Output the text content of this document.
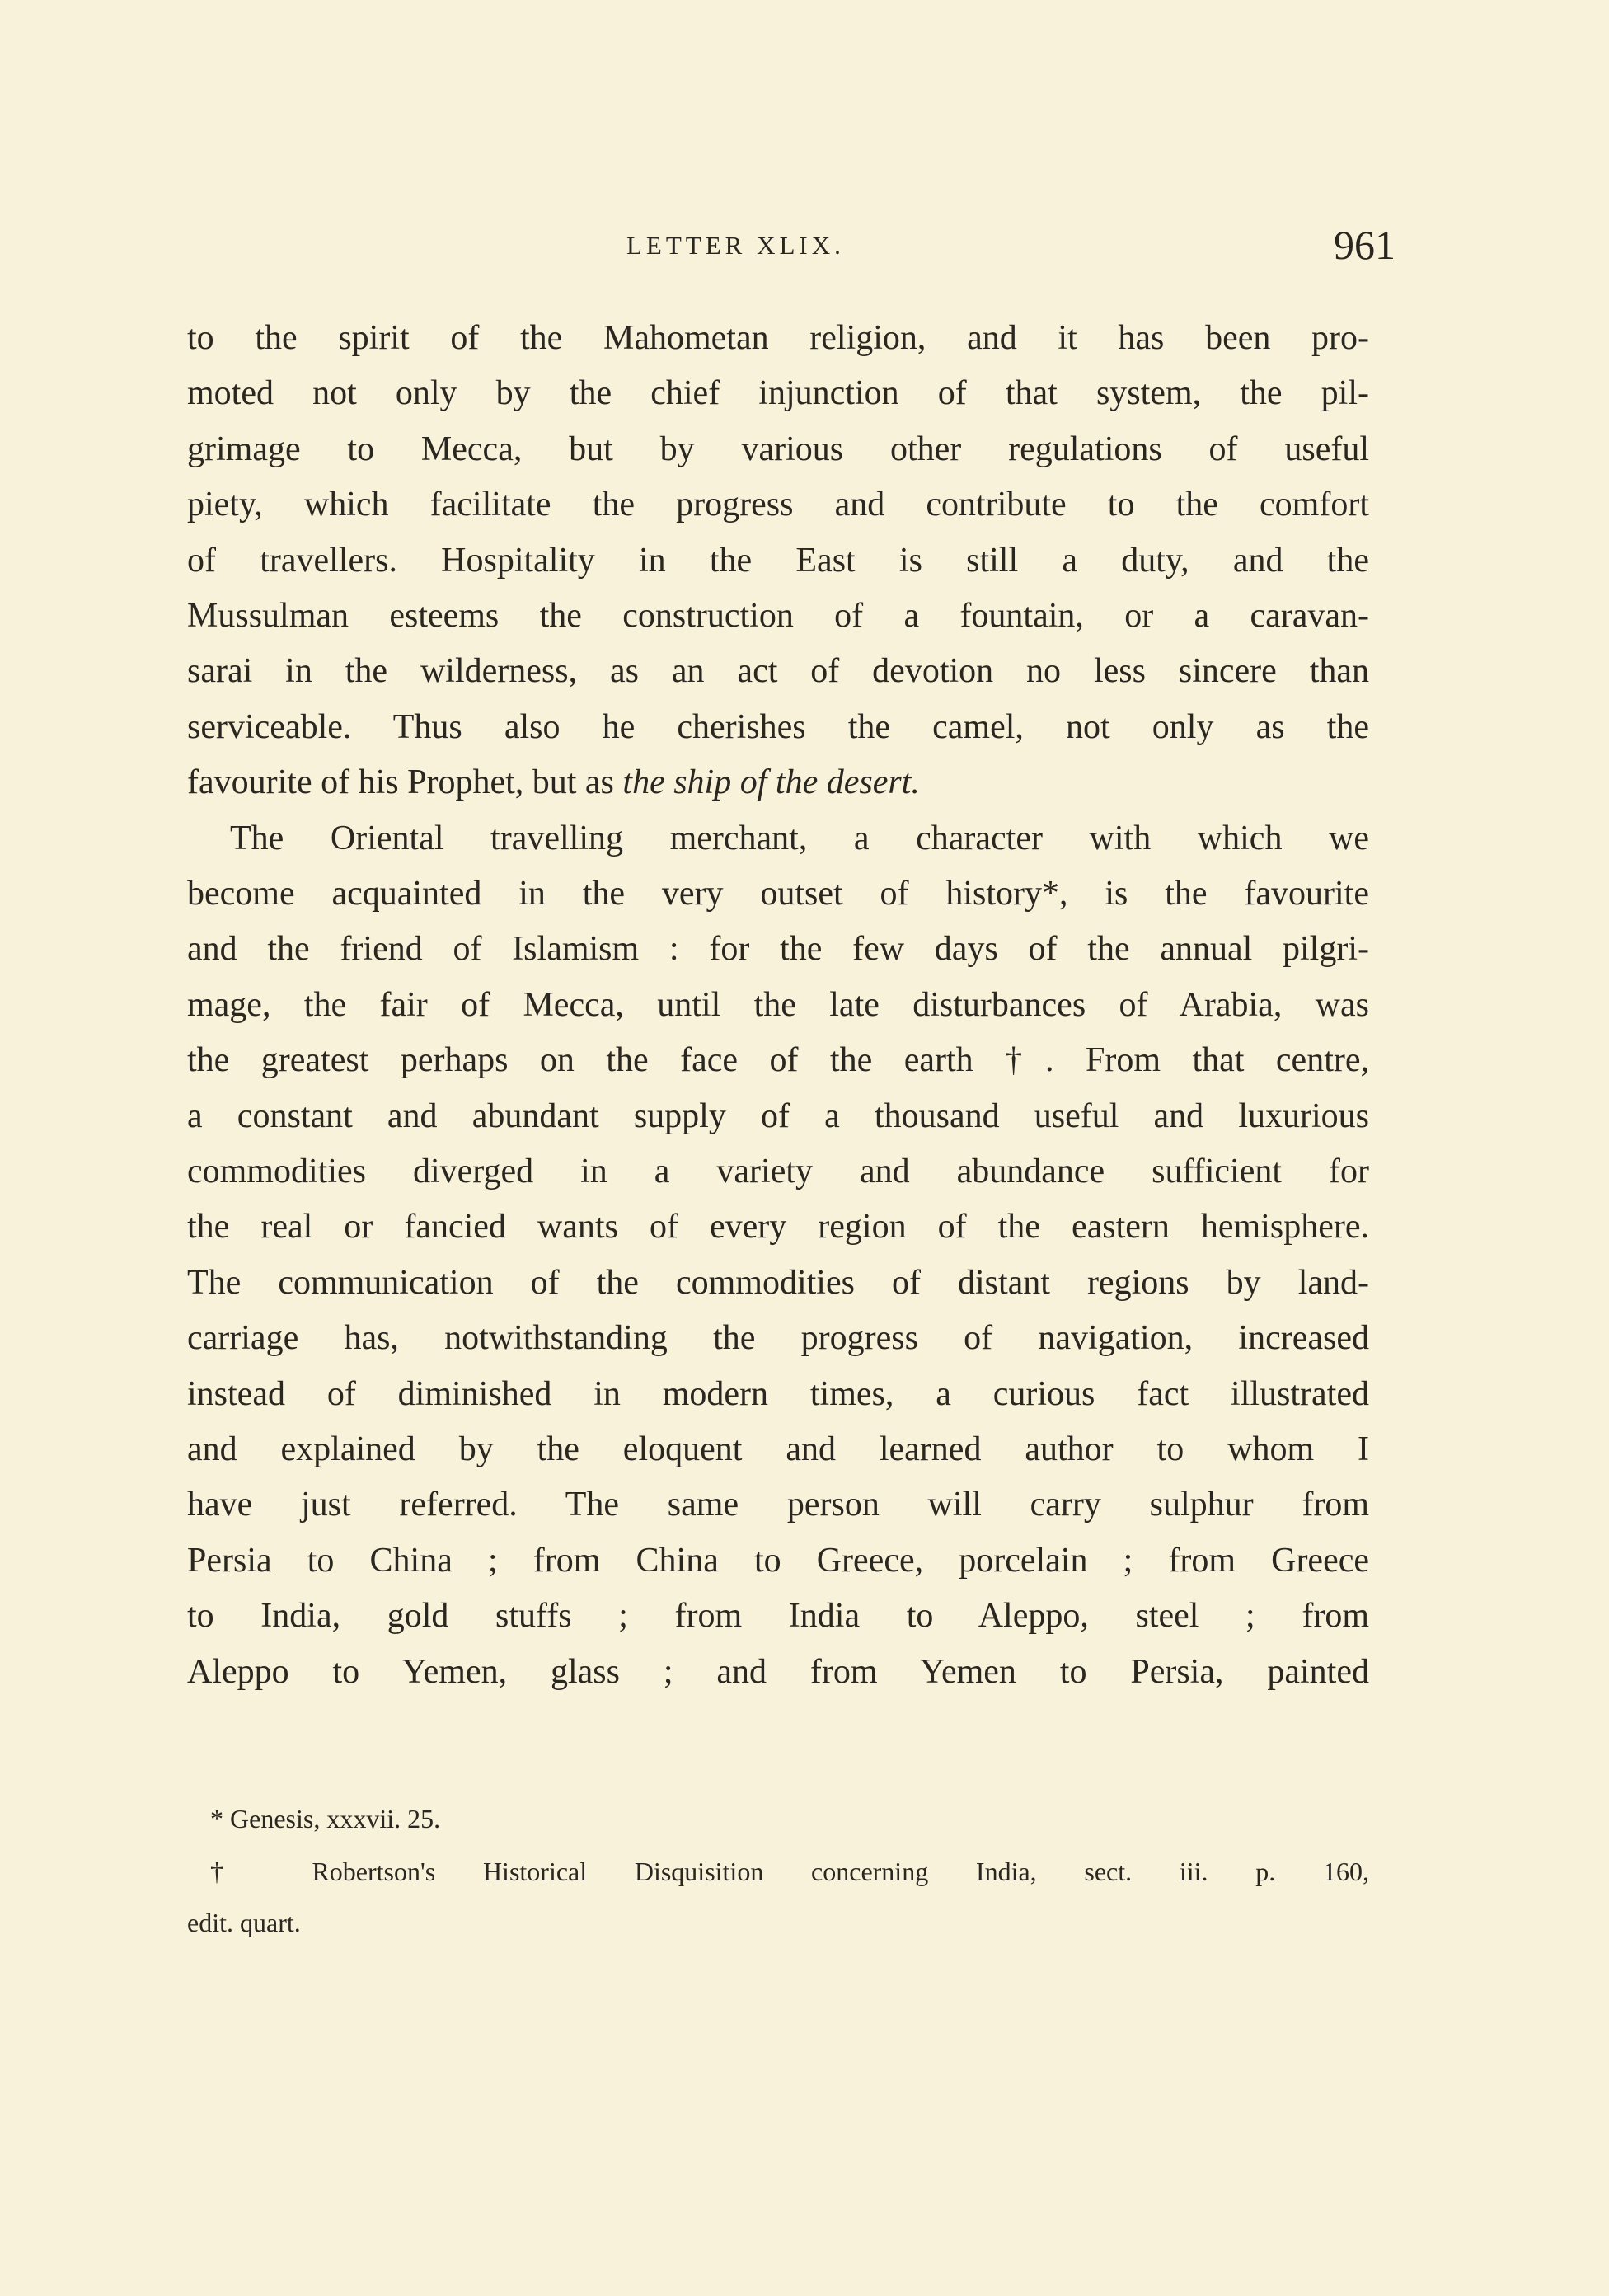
LETTER XLIX.	961
to the spirit of the Mahometan religion, and it has been pro-
moted not only by the chief injunction of that system, the pil-
grimage to Mecca, but by various other regulations of useful
piety, which facilitate the progress and contribute to the comfort
of travellers. Hospitality in the East is still a duty, and the
Mussulman esteems the construction of a fountain, or a caravan-
sarai in the wilderness, as an act of devotion no less sincere than
serviceable. Thus also he cherishes the camel, not only as the
favourite of his Prophet, but as the ship of the desert.
The Oriental travelling merchant, a character with which we
become acquainted in the very outset of history*, is the favourite
and the friend of Islamism : for the few days of the annual pilgri-
mage, the fair of Mecca, until the late disturbances of Arabia, was
the greatest perhaps on the face of the earth †. From that centre,
a constant and abundant supply of a thousand useful and luxurious
commodities diverged in a variety and abundance sufficient for
the real or fancied wants of every region of the eastern hemisphere.
The communication of the commodities of distant regions by land-
carriage has, notwithstanding the progress of navigation, increased
instead of diminished in modern times, a curious fact illustrated
and explained by the eloquent and learned author to whom I
have just referred. The same person will carry sulphur from
Persia to China ; from China to Greece, porcelain ; from Greece
to India, gold stuffs ; from India to Aleppo, steel ; from
Aleppo to Yemen, glass ; and from Yemen to Persia, painted
* Genesis, xxxvii. 25.
† Robertson's Historical Disquisition concerning India, sect. iii. p. 160,
edit. quart.
